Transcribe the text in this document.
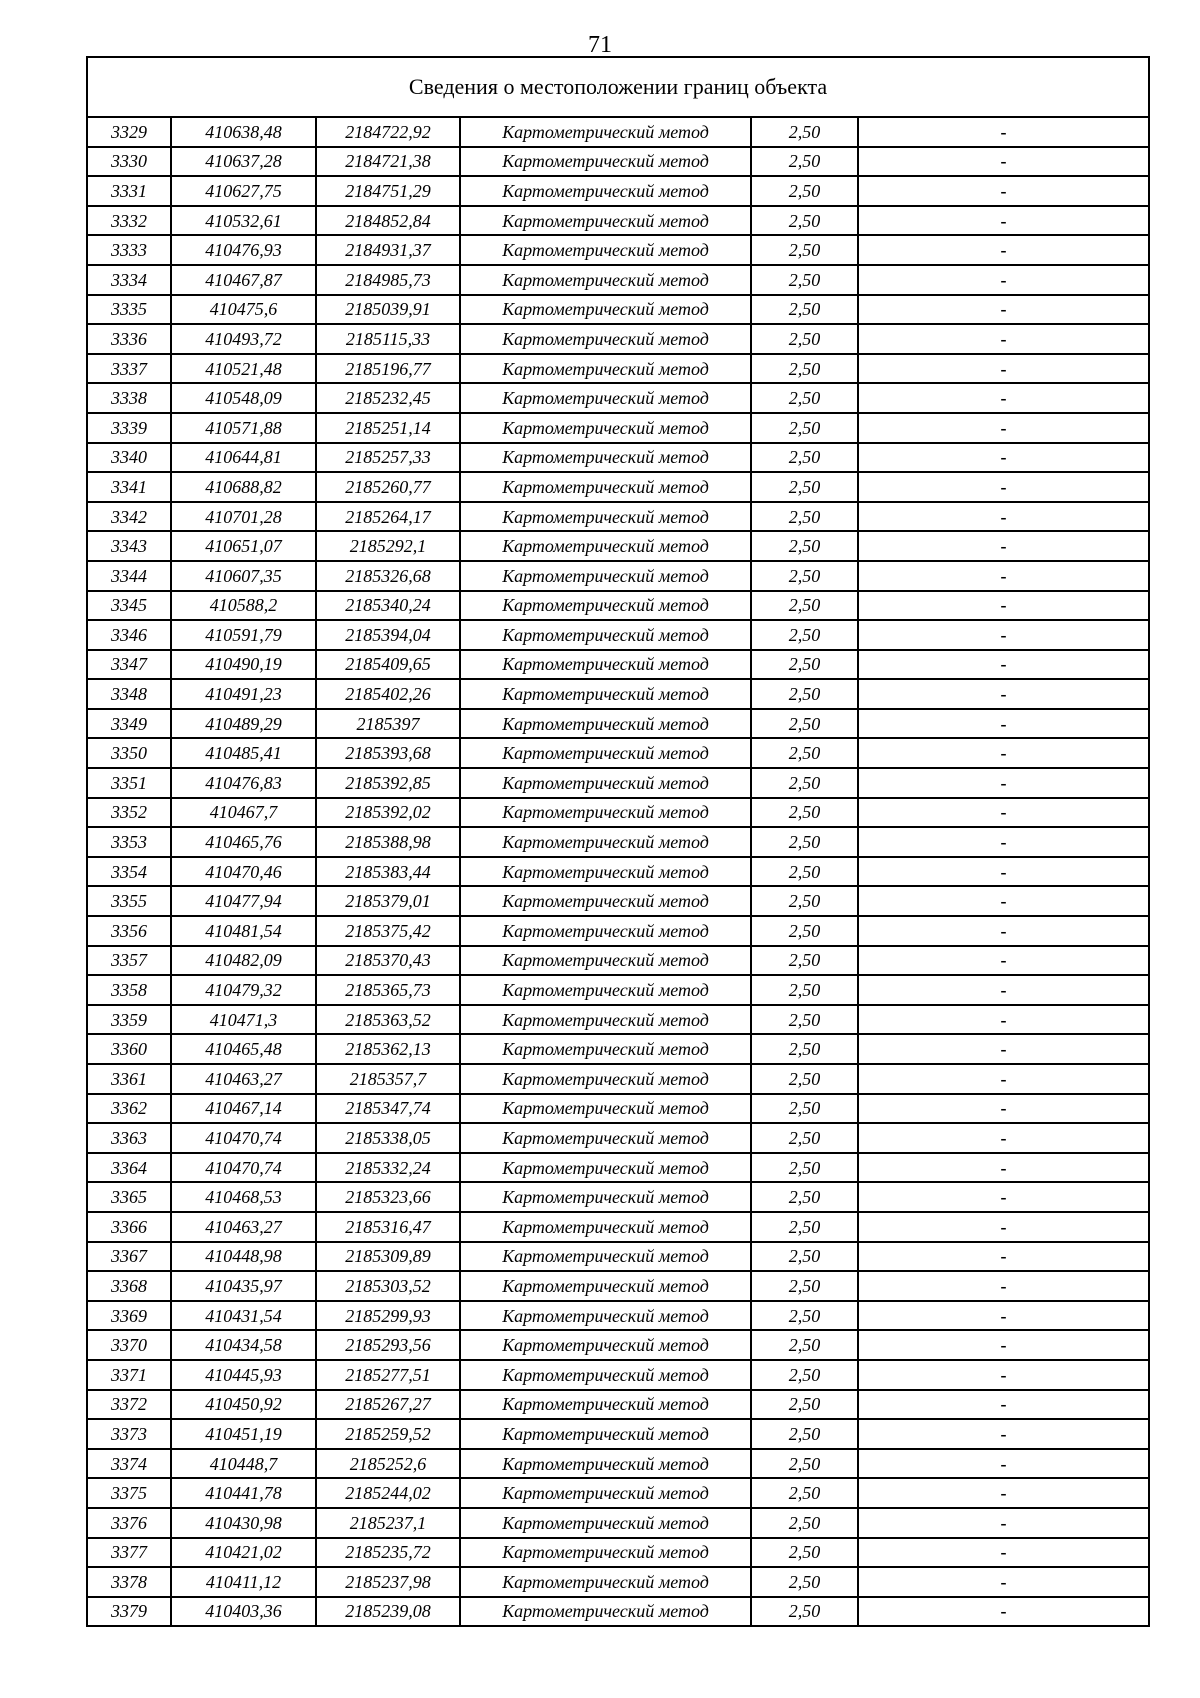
71
Сведения о местоположении границ объекта					
3329	410638,48	2184722,92	Картометрический метод	2,50	-
3330	410637,28	2184721,38	Картометрический метод	2,50	-
3331	410627,75	2184751,29	Картометрический метод	2,50	-
3332	410532,61	2184852,84	Картометрический метод	2,50	-
3333	410476,93	2184931,37	Картометрический метод	2,50	-
3334	410467,87	2184985,73	Картометрический метод	2,50	-
3335	410475,6	2185039,91	Картометрический метод	2,50	-
3336	410493,72	2185115,33	Картометрический метод	2,50	-
3337	410521,48	2185196,77	Картометрический метод	2,50	-
3338	410548,09	2185232,45	Картометрический метод	2,50	-
3339	410571,88	2185251,14	Картометрический метод	2,50	-
3340	410644,81	2185257,33	Картометрический метод	2,50	-
3341	410688,82	2185260,77	Картометрический метод	2,50	-
3342	410701,28	2185264,17	Картометрический метод	2,50	-
3343	410651,07	2185292,1	Картометрический метод	2,50	-
3344	410607,35	2185326,68	Картометрический метод	2,50	-
3345	410588,2	2185340,24	Картометрический метод	2,50	-
3346	410591,79	2185394,04	Картометрический метод	2,50	-
3347	410490,19	2185409,65	Картометрический метод	2,50	-
3348	410491,23	2185402,26	Картометрический метод	2,50	-
3349	410489,29	2185397	Картометрический метод	2,50	-
3350	410485,41	2185393,68	Картометрический метод	2,50	-
3351	410476,83	2185392,85	Картометрический метод	2,50	-
3352	410467,7	2185392,02	Картометрический метод	2,50	-
3353	410465,76	2185388,98	Картометрический метод	2,50	-
3354	410470,46	2185383,44	Картометрический метод	2,50	-
3355	410477,94	2185379,01	Картометрический метод	2,50	-
3356	410481,54	2185375,42	Картометрический метод	2,50	-
3357	410482,09	2185370,43	Картометрический метод	2,50	-
3358	410479,32	2185365,73	Картометрический метод	2,50	-
3359	410471,3	2185363,52	Картометрический метод	2,50	-
3360	410465,48	2185362,13	Картометрический метод	2,50	-
3361	410463,27	2185357,7	Картометрический метод	2,50	-
3362	410467,14	2185347,74	Картометрический метод	2,50	-
3363	410470,74	2185338,05	Картометрический метод	2,50	-
3364	410470,74	2185332,24	Картометрический метод	2,50	-
3365	410468,53	2185323,66	Картометрический метод	2,50	-
3366	410463,27	2185316,47	Картометрический метод	2,50	-
3367	410448,98	2185309,89	Картометрический метод	2,50	-
3368	410435,97	2185303,52	Картометрический метод	2,50	-
3369	410431,54	2185299,93	Картометрический метод	2,50	-
3370	410434,58	2185293,56	Картометрический метод	2,50	-
3371	410445,93	2185277,51	Картометрический метод	2,50	-
3372	410450,92	2185267,27	Картометрический метод	2,50	-
3373	410451,19	2185259,52	Картометрический метод	2,50	-
3374	410448,7	2185252,6	Картометрический метод	2,50	-
3375	410441,78	2185244,02	Картометрический метод	2,50	-
3376	410430,98	2185237,1	Картометрический метод	2,50	-
3377	410421,02	2185235,72	Картометрический метод	2,50	-
3378	410411,12	2185237,98	Картометрический метод	2,50	-
3379	410403,36	2185239,08	Картометрический метод	2,50	-
